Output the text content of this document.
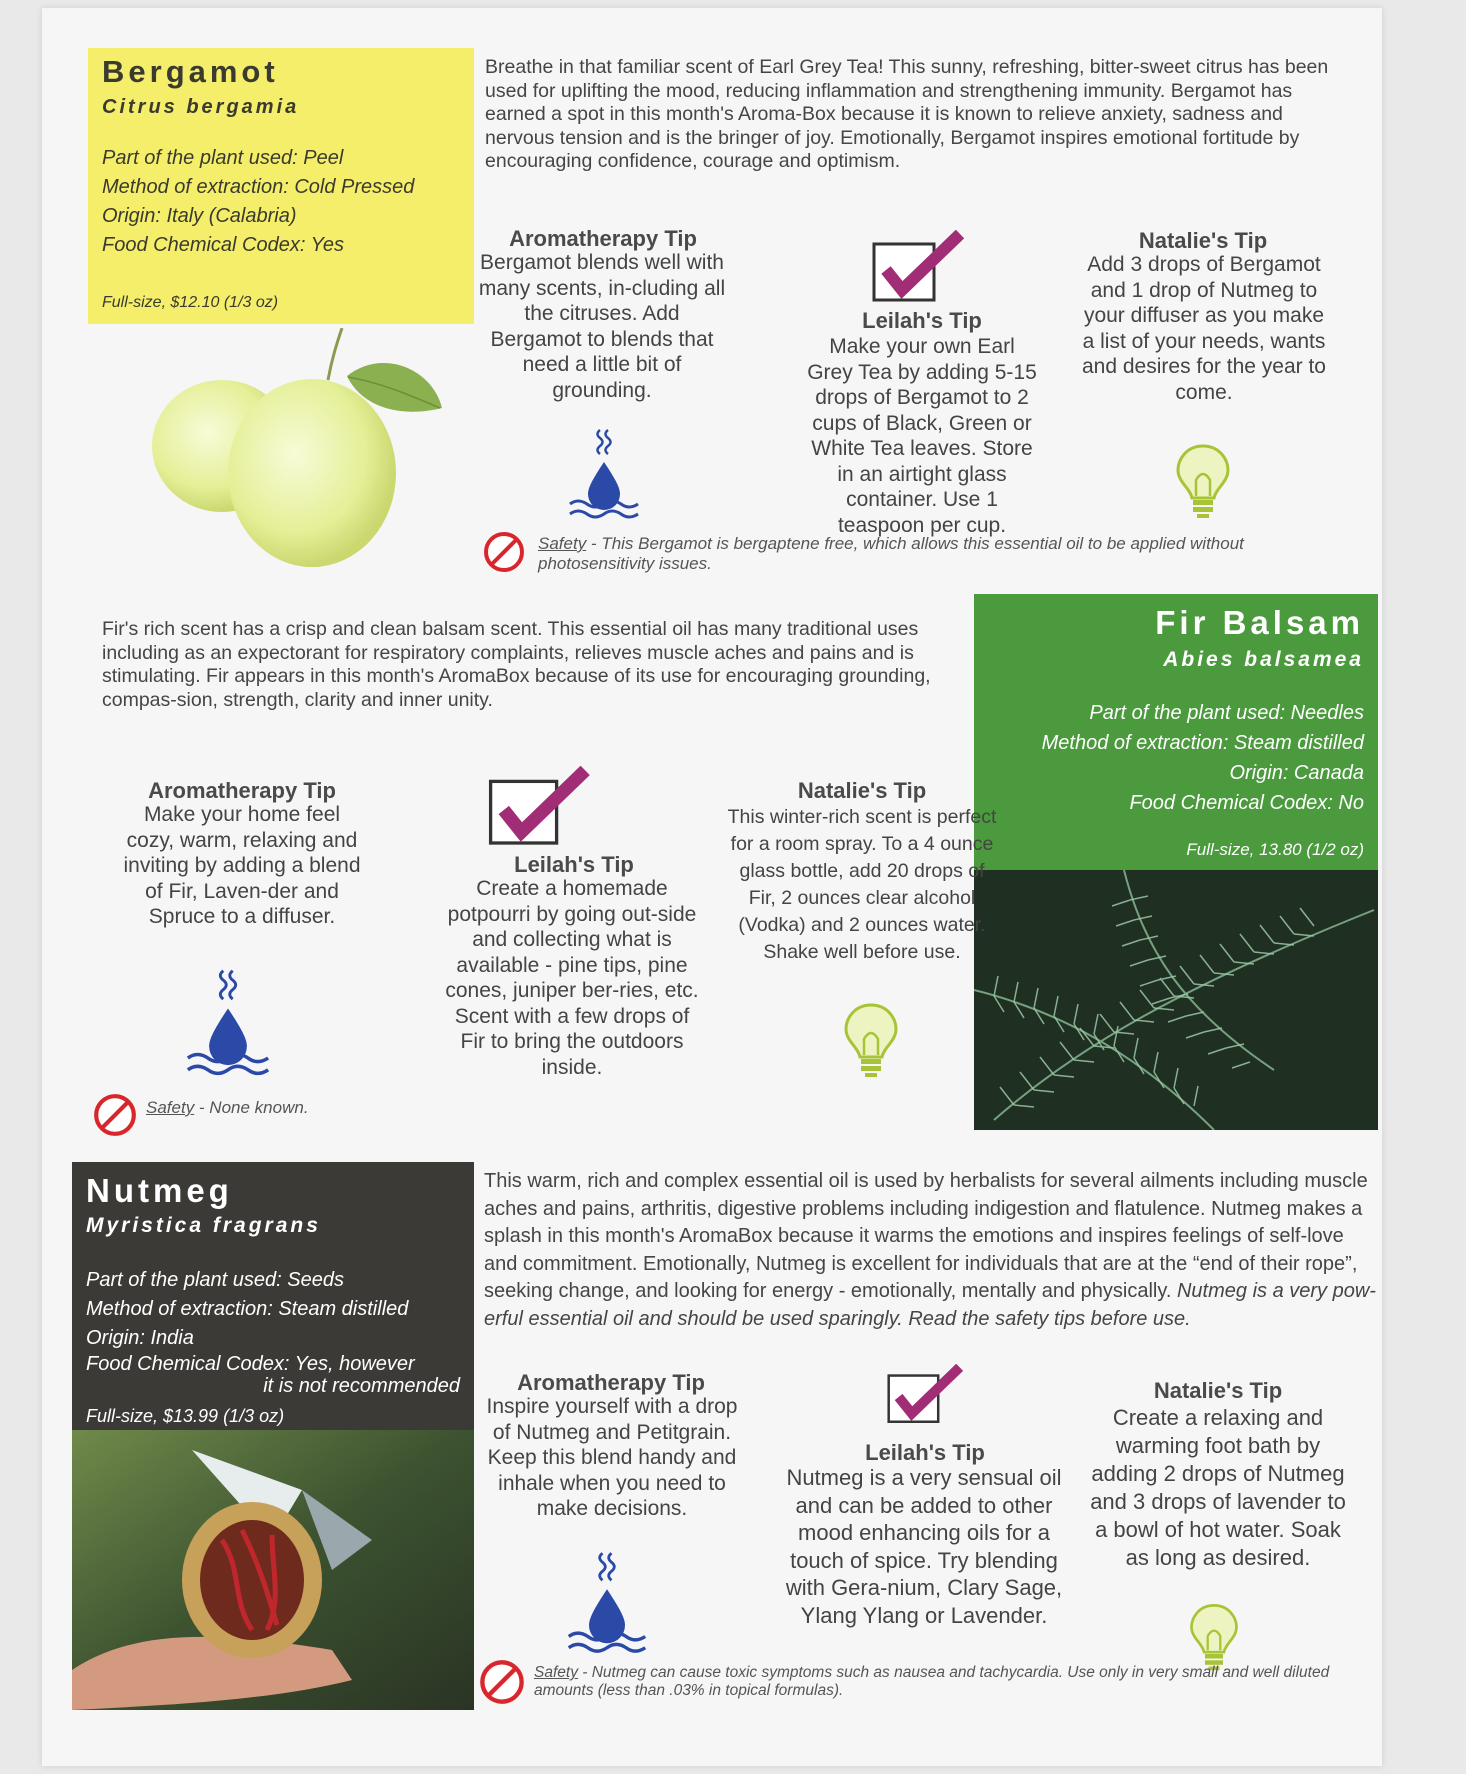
Bergamot
Citrus bergamia
Part of the plant used: Peel
Method of extraction: Cold Pressed
Origin: Italy (Calabria)
Food Chemical Codex: Yes
Full-size, $12.10 (1/3 oz)
Breathe in that familiar scent of Earl Grey Tea! This sunny, refreshing, bitter-sweet citrus has been used for uplifting the mood, reducing inflammation and strengthening immunity. Bergamot has earned a spot in this month's Aroma-Box because it is known to relieve anxiety, sadness and nervous tension and is the bringer of joy. Emotionally, Bergamot inspires emotional fortitude by encouraging confidence, courage and optimism.
Aromatherapy Tip
Bergamot blends well with many scents, in-cluding all the citruses. Add Bergamot to blends that need a little bit of grounding.
Leilah's Tip
Make your own Earl Grey Tea by adding 5-15 drops of Bergamot to 2 cups of Black, Green or White Tea leaves. Store in an airtight glass container. Use 1 teaspoon per cup.
Natalie's Tip
Add 3 drops of Bergamot and 1 drop of Nutmeg to your diffuser as you make a list of your needs, wants and desires for the year to come.
Safety - This Bergamot is bergaptene free, which allows this essential oil to be applied without photosensitivity issues.
Fir's rich scent has a crisp and clean balsam scent. This essential oil has many traditional uses including as an expectorant for respiratory complaints, relieves muscle aches and pains and is stimulating. Fir appears in this month's AromaBox because of its use for encouraging grounding, compas-sion, strength, clarity and inner unity.
Fir Balsam
Abies balsamea
Part of the plant used: Needles
Method of extraction: Steam distilled
Origin: Canada
Food Chemical Codex: No
Full-size, 13.80 (1/2 oz)
Aromatherapy Tip
Make your home feel cozy, warm, relaxing and inviting by adding a blend of Fir, Laven-der and Spruce to a diffuser.
Leilah's Tip
Create a homemade potpourri by going out-side and collecting what is available - pine tips, pine cones, juniper ber-ries, etc. Scent with a few drops of Fir to bring the outdoors inside.
Natalie's Tip
This winter-rich scent is perfect for a room spray. To a 4 ounce glass bottle, add 20 drops of Fir, 2 ounces clear alcohol (Vodka) and 2 ounces water. Shake well before use.
Safety - None known.
Nutmeg
Myristica fragrans
Part of the plant used: Seeds
Method of extraction: Steam distilled
Origin: India
Food Chemical Codex: Yes, however
it is not recommended
Full-size, $13.99 (1/3 oz)
This warm, rich and complex essential oil is used by herbalists for several ailments including muscle aches and pains, arthritis, digestive problems including indigestion and flatulence. Nutmeg makes a splash in this month's AromaBox because it warms the emotions and inspires feelings of self-love and commitment. Emotionally, Nutmeg is excellent for individuals that are at the “end of their rope”, seeking change, and looking for energy - emotionally, mentally and physically. Nutmeg is a very pow-erful essential oil and should be used sparingly. Read the safety tips before use.
Aromatherapy Tip
Inspire yourself with a drop of Nutmeg and Petitgrain. Keep this blend handy and inhale when you need to make decisions.
Leilah's Tip
Nutmeg is a very sensual oil and can be added to other mood enhancing oils for a touch of spice. Try blending with Gera-nium, Clary Sage, Ylang Ylang or Lavender.
Natalie's Tip
Create a relaxing and warming foot bath by adding 2 drops of Nutmeg and 3 drops of lavender to a bowl of hot water. Soak as long as desired.
Safety - Nutmeg can cause toxic symptoms such as nausea and tachycardia. Use only in very small and well diluted amounts (less than .03% in topical formulas).
